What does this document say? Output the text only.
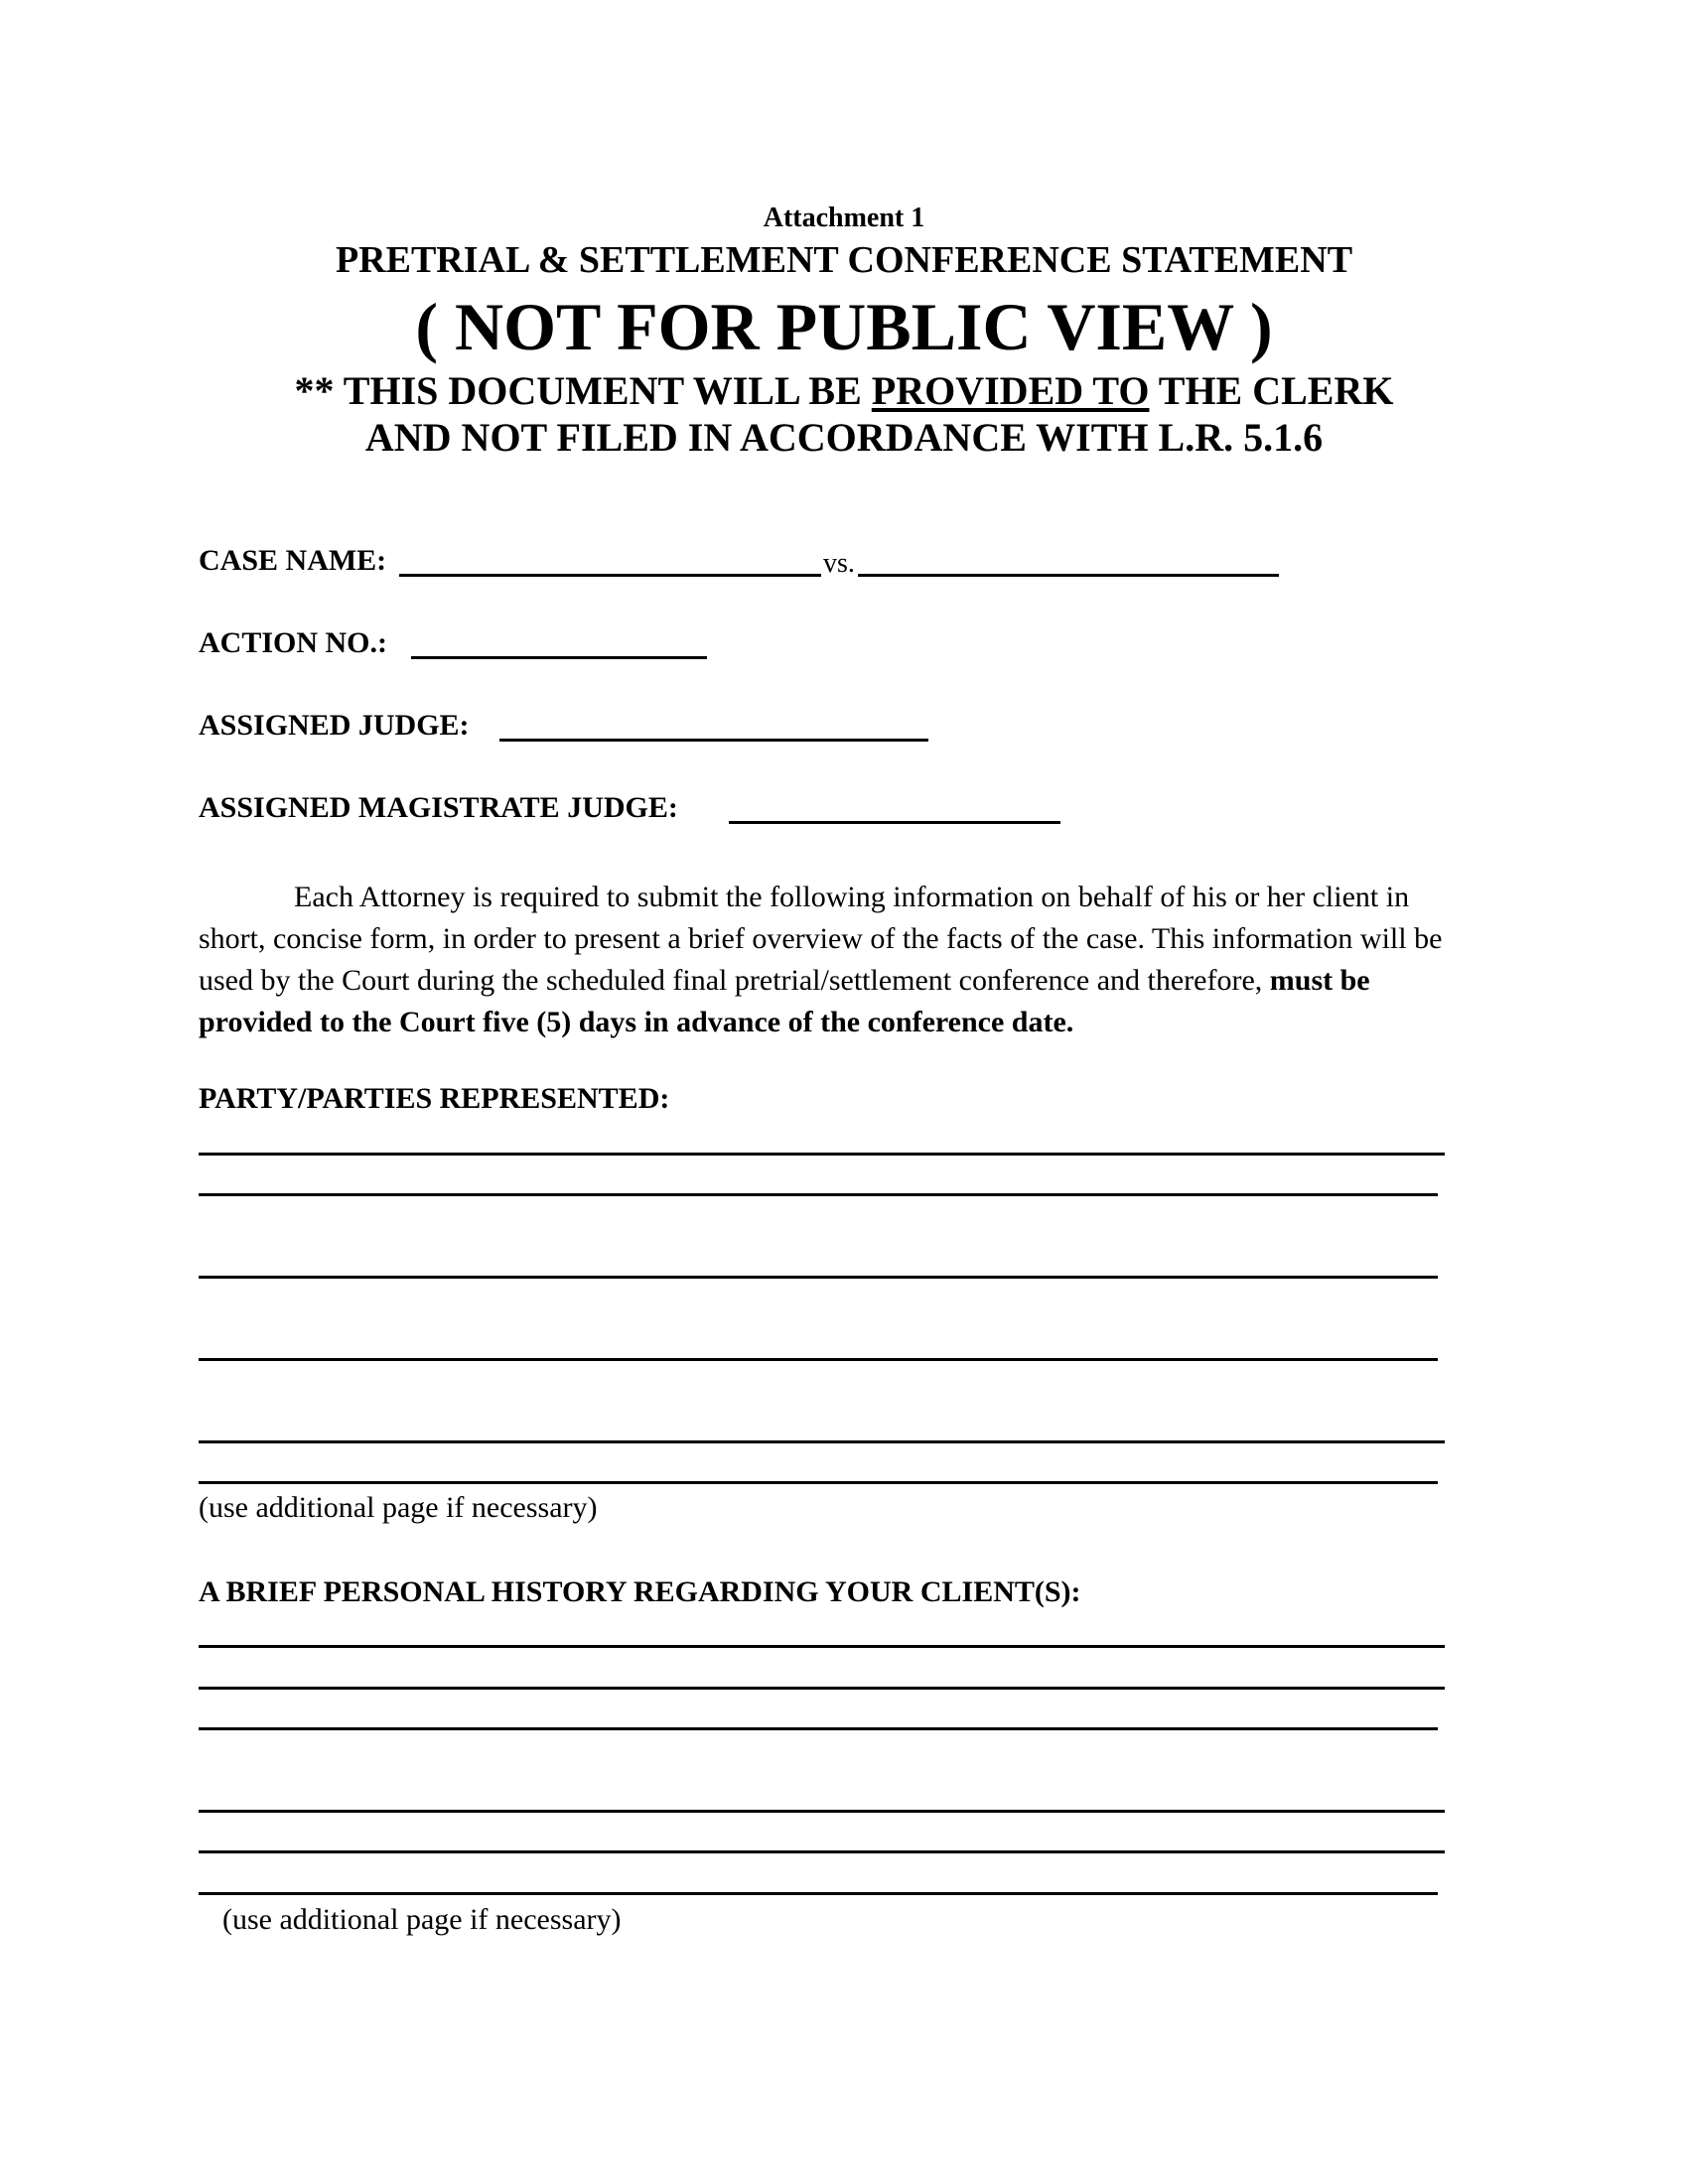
Attachment 1
PRETRIAL & SETTLEMENT CONFERENCE STATEMENT
( NOT FOR PUBLIC VIEW )
** THIS DOCUMENT WILL BE PROVIDED TO THE CLERK
AND NOT FILED IN ACCORDANCE WITH L.R. 5.1.6
CASE NAME:	vs.
ACTION NO.:
ASSIGNED JUDGE:
ASSIGNED MAGISTRATE JUDGE:
Each Attorney is required to submit the following information on behalf of his or her client in short, concise form, in order to present a brief overview of the facts of the case. This information will be used by the Court during the scheduled final pretrial/settlement conference and therefore, must be provided to the Court five (5) days in advance of the conference date.
PARTY/PARTIES REPRESENTED:
(use additional page if necessary)
A BRIEF PERSONAL HISTORY REGARDING YOUR CLIENT(S):
(use additional page if necessary)
